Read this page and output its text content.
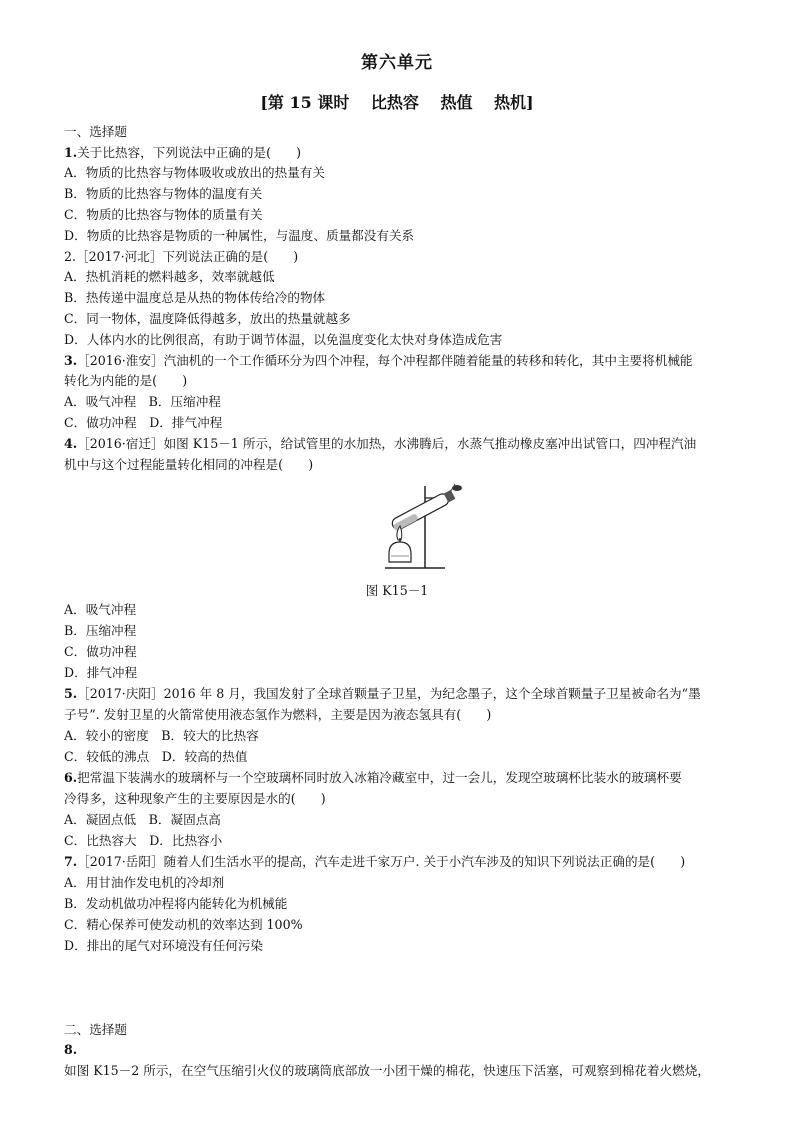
第六单元
[第 15 课时　 比热容　 热值　 热机]
一、选择题
1.关于比热容，下列说法中正确的是(　　)
A．物质的比热容与物体吸收或放出的热量有关
B．物质的比热容与物体的温度有关
C．物质的比热容与物体的质量有关
D．物质的比热容是物质的一种属性，与温度、质量都没有关系
2.［2017·河北］下列说法正确的是(　　)
A．热机消耗的燃料越多，效率就越低
B．热传递中温度总是从热的物体传给冷的物体
C．同一物体，温度降低得越多，放出的热量就越多
D．人体内水的比例很高，有助于调节体温，以免温度变化太快对身体造成危害
3.［2016·淮安］汽油机的一个工作循环分为四个冲程，每个冲程都伴随着能量的转移和转化，其中主要将机械能
转化为内能的是(　　)
A．吸气冲程　B．压缩冲程
C．做功冲程　D．排气冲程
4.［2016·宿迁］如图 K15－1 所示，给试管里的水加热，水沸腾后，水蒸气推动橡皮塞冲出试管口，四冲程汽油
机中与这个过程能量转化相同的冲程是(　　)
图 K15－1
A．吸气冲程
B．压缩冲程
C．做功冲程
D．排气冲程
5.［2017·庆阳］2016 年 8 月，我国发射了全球首颗量子卫星，为纪念墨子，这个全球首颗量子卫星被命名为“墨
子号”. 发射卫星的火箭常使用液态氢作为燃料，主要是因为液态氢具有(　　)
A．较小的密度　B．较大的比热容
C．较低的沸点　D．较高的热值
6.把常温下装满水的玻璃杯与一个空玻璃杯同时放入冰箱冷藏室中，过一会儿，发现空玻璃杯比装水的玻璃杯要
冷得多，这种现象产生的主要原因是水的(　　)
A．凝固点低　B．凝固点高
C．比热容大　D．比热容小
7.［2017·岳阳］随着人们生活水平的提高，汽车走进千家万户. 关于小汽车涉及的知识下列说法正确的是(　　)
A．用甘油作发电机的冷却剂
B．发动机做功冲程将内能转化为机械能
C．精心保养可使发动机的效率达到 100%
D．排出的尾气对环境没有任何污染
二、选择题
8.
如图 K15－2 所示，在空气压缩引火仪的玻璃筒底部放一小团干燥的棉花，快速压下活塞，可观察到棉花着火燃烧，
